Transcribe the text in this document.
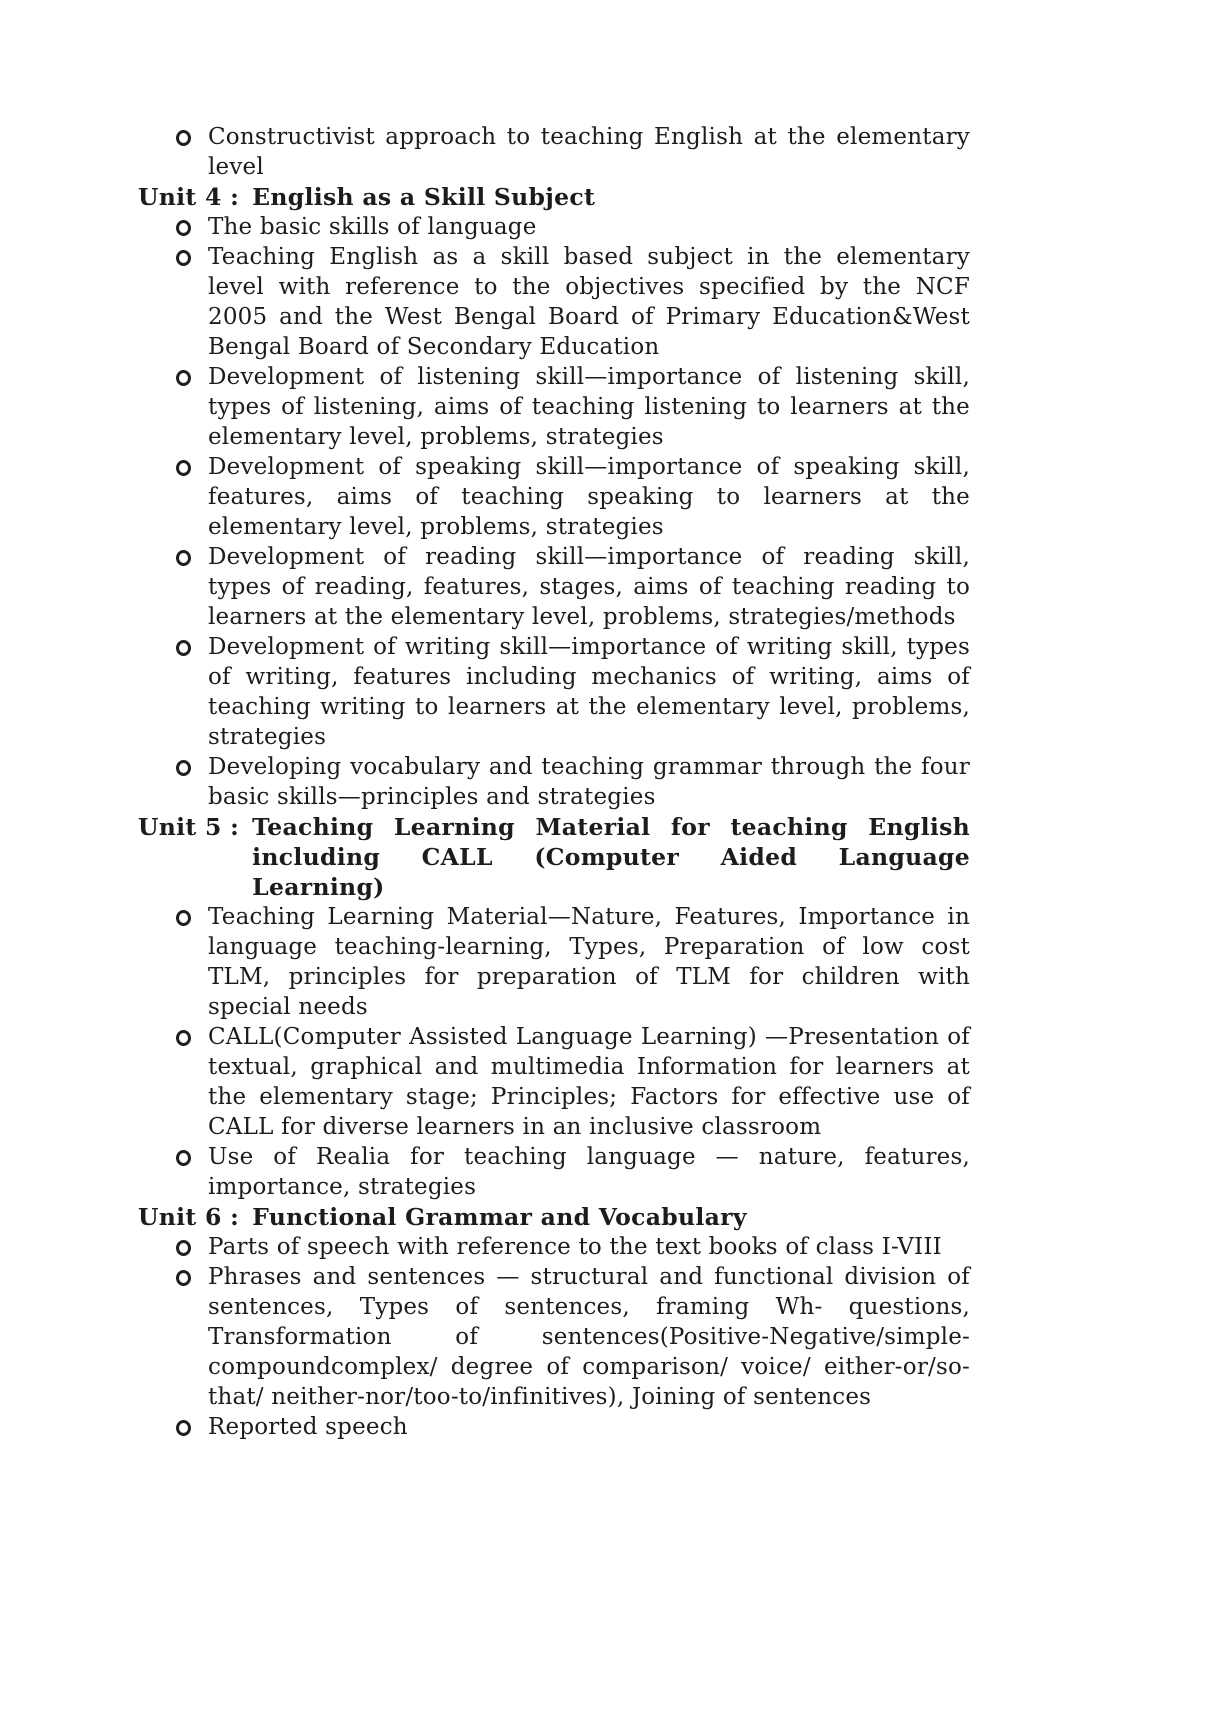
Constructivist approach to teaching English at the elementary level
Unit 4 : English as a Skill Subject
The basic skills of language
Teaching English as a skill based subject in the elementary level with reference to the objectives specified by the NCF 2005 and the West Bengal Board of Primary Education&West Bengal Board of Secondary Education
Development of listening skill—importance of listening skill, types of listening, aims of teaching listening to learners at the elementary level, problems, strategies
Development of speaking skill—importance of speaking skill, features, aims of teaching speaking to learners at the elementary level, problems, strategies
Development of reading skill—importance of reading skill, types of reading, features, stages, aims of teaching reading to learners at the elementary level, problems, strategies/methods
Development of writing skill—importance of writing skill, types of writing, features including mechanics of writing, aims of teaching writing to learners at the elementary level, problems, strategies
Developing vocabulary and teaching grammar through the four basic skills—principles and strategies
Unit 5 : Teaching Learning Material for teaching English including CALL (Computer Aided Language Learning)
Teaching Learning Material—Nature, Features, Importance in language teaching-learning, Types, Preparation of low cost TLM, principles for preparation of TLM for children with special needs
CALL(Computer Assisted Language Learning) —Presentation of textual, graphical and multimedia Information for learners at the elementary stage; Principles; Factors for effective use of CALL for diverse learners in an inclusive classroom
Use of Realia for teaching language — nature, features, importance, strategies
Unit 6 : Functional Grammar and Vocabulary
Parts of speech with reference to the text books of class I-VIII
Phrases and sentences — structural and functional division of sentences, Types of sentences, framing Wh- questions, Transformation of sentences(Positive-Negative/simple-compoundcomplex/ degree of comparison/ voice/ either-or/so-that/ neither-nor/too-to/infinitives), Joining of sentences
Reported speech
